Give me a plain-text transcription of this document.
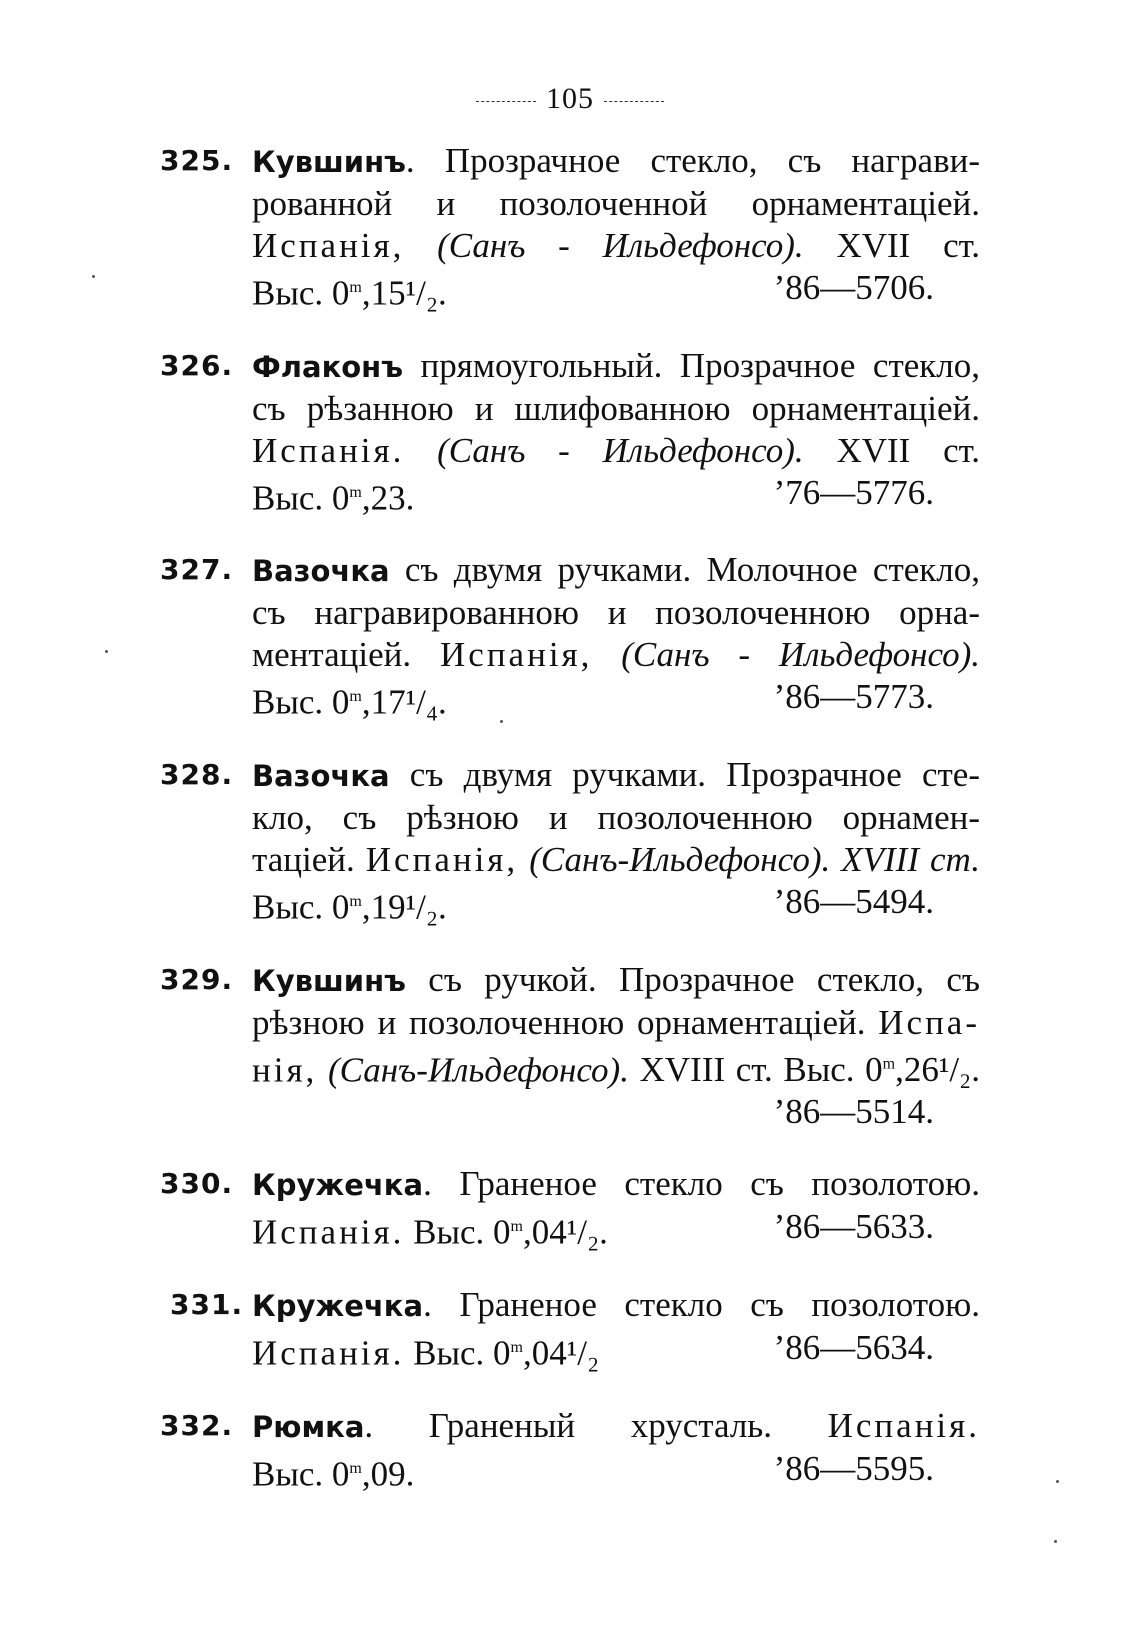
105
325. Кувшинъ. Прозрачное стекло, съ награви-
рованной и позолоченной орнаментаціей.
Испанія, (Санъ - Ильдефонсо). XVII ст.
Выс. 0$^m$,15¹/₂.	’86—5706.
326. Флаконъ прямоугольный. Прозрачное стекло,
съ рѣзанною и шлифованною орнаментаціей.
Испанія. (Санъ - Ильдефонсо). XVII ст.
Выс. 0$^m$,23.	’76—5776.
327. Вазочка съ двумя ручками. Молочное стекло,
съ награвированною и позолоченною орна-
ментаціей. Испанія, (Санъ - Ильдефонсо).
Выс. 0$^m$,17¹/₄.	’86—5773.
328. Вазочка съ двумя ручками. Прозрачное сте-
кло, съ рѣзною и позолоченною орнамен-
таціей. Испанія, (Санъ-Ильдефонсо). XVIII ст.
Выс. 0$^m$,19¹/₂.	’86—5494.
329. Кувшинъ съ ручкой. Прозрачное стекло, съ
рѣзною и позолоченною орнаментаціей. Испа-
нія, (Санъ-Ильдефонсо). XVIII ст. Выс. 0$^m$,26¹/₂.
’86—5514.
330. Кружечка. Граненое стекло съ позолотою.
Испанія. Выс. 0$^m$,04¹/₂.	’86—5633.
331. Кружечка. Граненое стекло съ позолотою.
Испанія. Выс. 0$^m$,04¹/₂	’86—5634.
332. Рюмка. Граненый хрусталь. Испанія.
Выс. 0$^m$,09.	’86—5595.
